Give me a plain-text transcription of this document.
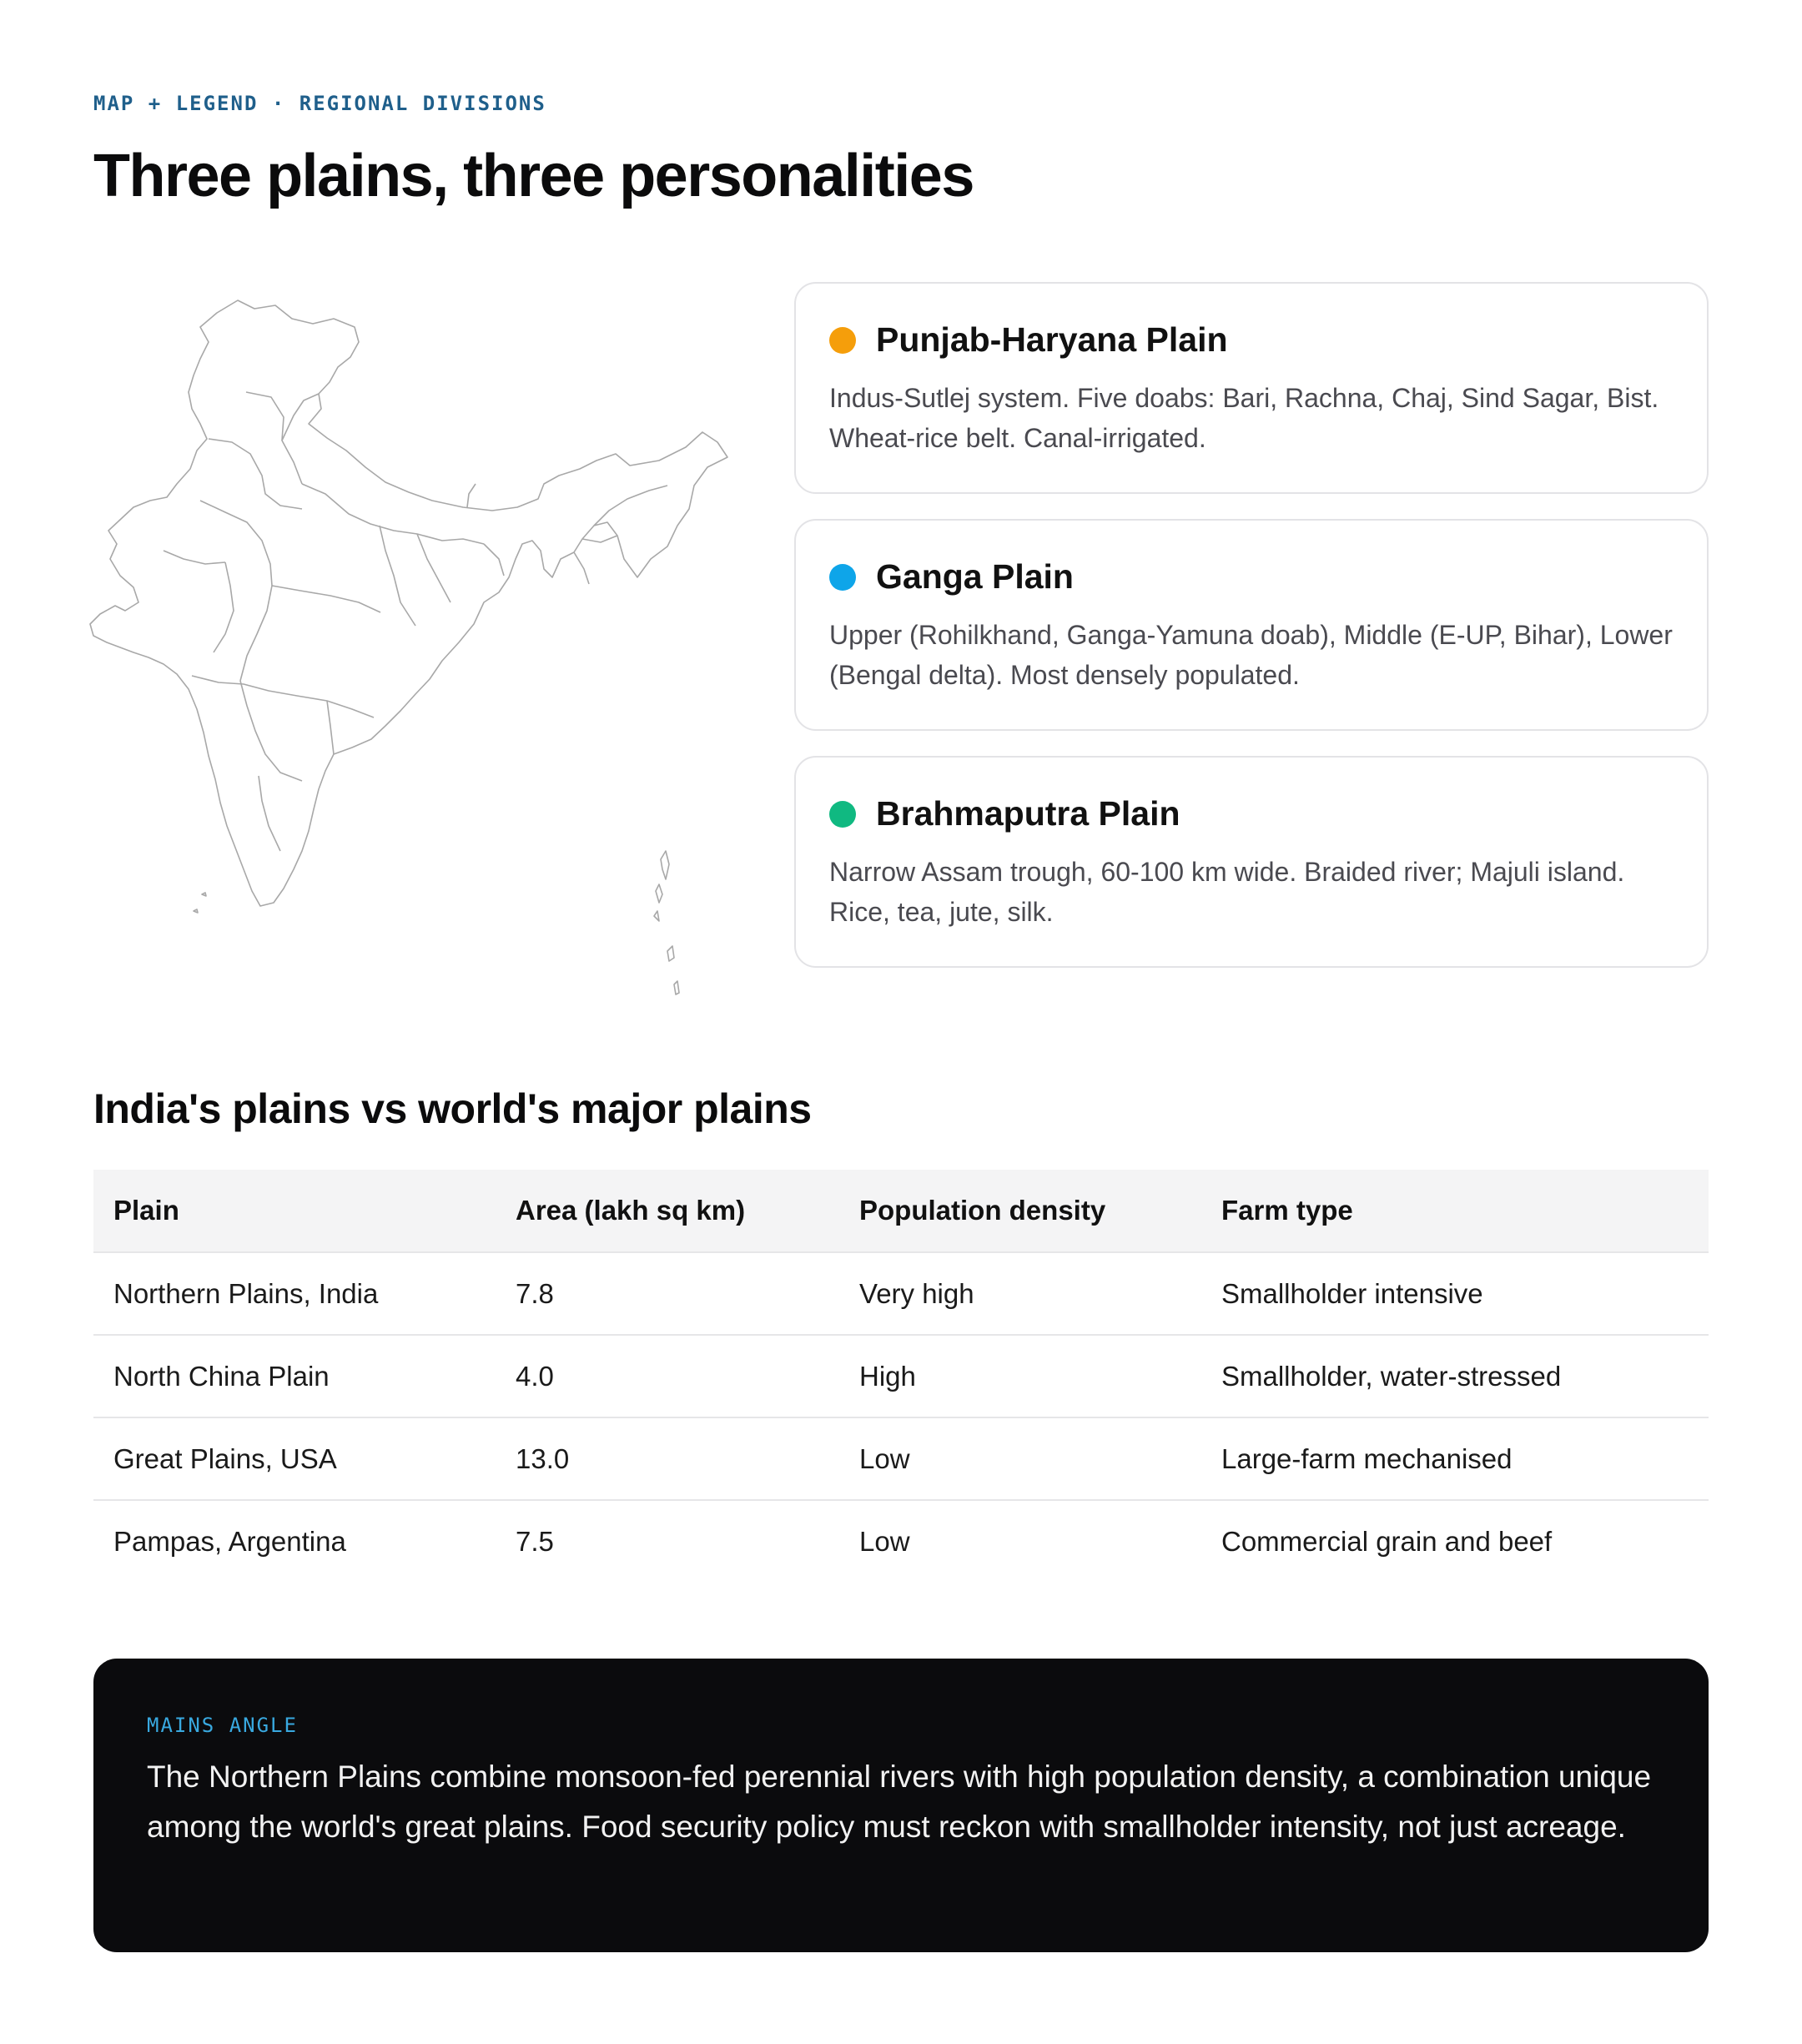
MAP + LEGEND · REGIONAL DIVISIONS
Three plains, three personalities
Punjab-Haryana Plain
Indus-Sutlej system. Five doabs: Bari, Rachna, Chaj, Sind Sagar, Bist. Wheat-rice belt. Canal-irrigated.
Ganga Plain
Upper (Rohilkhand, Ganga-Yamuna doab), Middle (E-UP, Bihar), Lower (Bengal delta). Most densely populated.
Brahmaputra Plain
Narrow Assam trough, 60-100 km wide. Braided river; Majuli island. Rice, tea, jute, silk.
India's plains vs world's major plains
Plain	Area (lakh sq km)	Population density	Farm type
Northern Plains, India	7.8	Very high	Smallholder intensive
North China Plain	4.0	High	Smallholder, water-stressed
Great Plains, USA	13.0	Low	Large-farm mechanised
Pampas, Argentina	7.5	Low	Commercial grain and beef
MAINS ANGLE
The Northern Plains combine monsoon-fed perennial rivers with high population density, a combination unique among the world's great plains. Food security policy must reckon with smallholder intensity, not just acreage.
